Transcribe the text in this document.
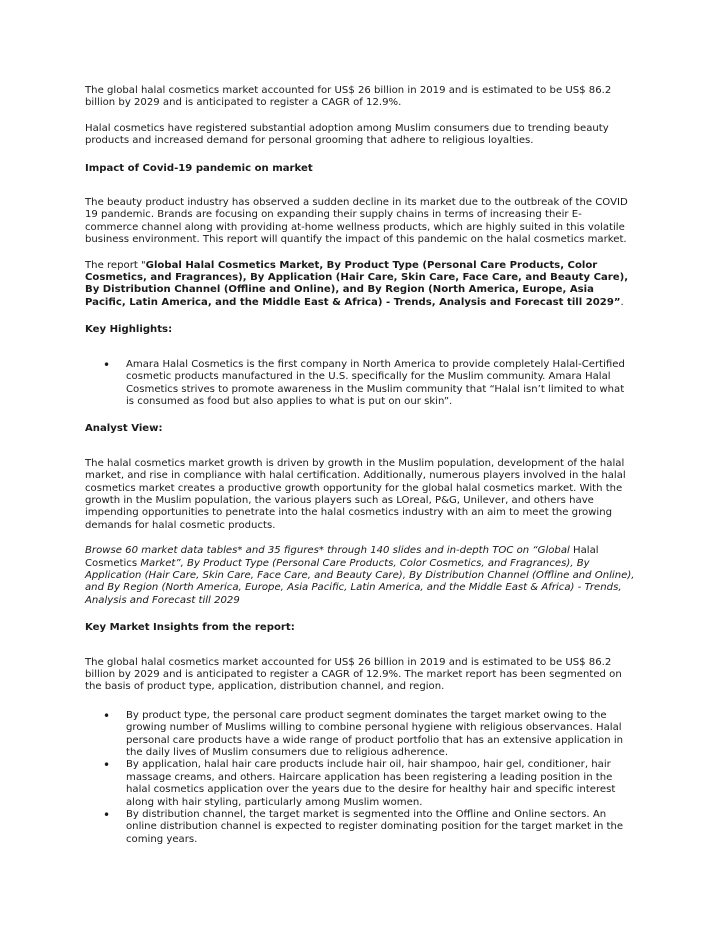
The global halal cosmetics market accounted for US$ 26 billion in 2019 and is estimated to be US$ 86.2 billion by 2029 and is anticipated to register a CAGR of 12.9%.

Halal cosmetics have registered substantial adoption among Muslim consumers due to trending beauty products and increased demand for personal grooming that adhere to religious loyalties.

Impact of Covid-19 pandemic on market

The beauty product industry has observed a sudden decline in its market due to the outbreak of the COVID 19 pandemic. Brands are focusing on expanding their supply chains in terms of increasing their E-commerce channel along with providing at-home wellness products, which are highly suited in this volatile business environment. This report will quantify the impact of this pandemic on the halal cosmetics market.

The report "Global Halal Cosmetics Market, By Product Type (Personal Care Products, Color Cosmetics, and Fragrances), By Application (Hair Care, Skin Care, Face Care, and Beauty Care), By Distribution Channel (Offline and Online), and By Region (North America, Europe, Asia Pacific, Latin America, and the Middle East & Africa) - Trends, Analysis and Forecast till 2029”.

Key Highlights:

• Amara Halal Cosmetics is the first company in North America to provide completely Halal-Certified cosmetic products manufactured in the U.S. specifically for the Muslim community. Amara Halal Cosmetics strives to promote awareness in the Muslim community that “Halal isn’t limited to what is consumed as food but also applies to what is put on our skin”.

Analyst View:

The halal cosmetics market growth is driven by growth in the Muslim population, development of the halal market, and rise in compliance with halal certification. Additionally, numerous players involved in the halal cosmetics market creates a productive growth opportunity for the global halal cosmetics market. With the growth in the Muslim population, the various players such as LOreal, P&G, Unilever, and others have impending opportunities to penetrate into the halal cosmetics industry with an aim to meet the growing demands for halal cosmetic products.

Browse 60 market data tables* and 35 figures* through 140 slides and in-depth TOC on “Global Halal Cosmetics Market”, By Product Type (Personal Care Products, Color Cosmetics, and Fragrances), By Application (Hair Care, Skin Care, Face Care, and Beauty Care), By Distribution Channel (Offline and Online), and By Region (North America, Europe, Asia Pacific, Latin America, and the Middle East & Africa) - Trends, Analysis and Forecast till 2029

Key Market Insights from the report:

The global halal cosmetics market accounted for US$ 26 billion in 2019 and is estimated to be US$ 86.2 billion by 2029 and is anticipated to register a CAGR of 12.9%. The market report has been segmented on the basis of product type, application, distribution channel, and region.

• By product type, the personal care product segment dominates the target market owing to the growing number of Muslims willing to combine personal hygiene with religious observances. Halal personal care products have a wide range of product portfolio that has an extensive application in the daily lives of Muslim consumers due to religious adherence.
• By application, halal hair care products include hair oil, hair shampoo, hair gel, conditioner, hair massage creams, and others. Haircare application has been registering a leading position in the halal cosmetics application over the years due to the desire for healthy hair and specific interest along with hair styling, particularly among Muslim women.
• By distribution channel, the target market is segmented into the Offline and Online sectors. An online distribution channel is expected to register dominating position for the target market in the coming years.
